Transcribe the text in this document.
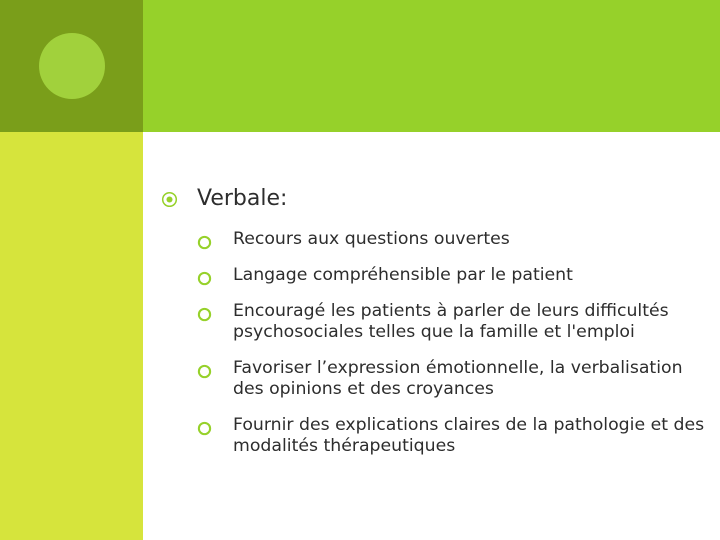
Verbale:
Recours aux questions ouvertes
Langage compréhensible par le patient
Encouragé les patients à parler de leurs difficultés psychosociales telles que la famille et l'emploi
Favoriser l’expression émotionnelle, la verbalisation des opinions et des croyances
Fournir des explications claires de la pathologie et des modalités thérapeutiques
